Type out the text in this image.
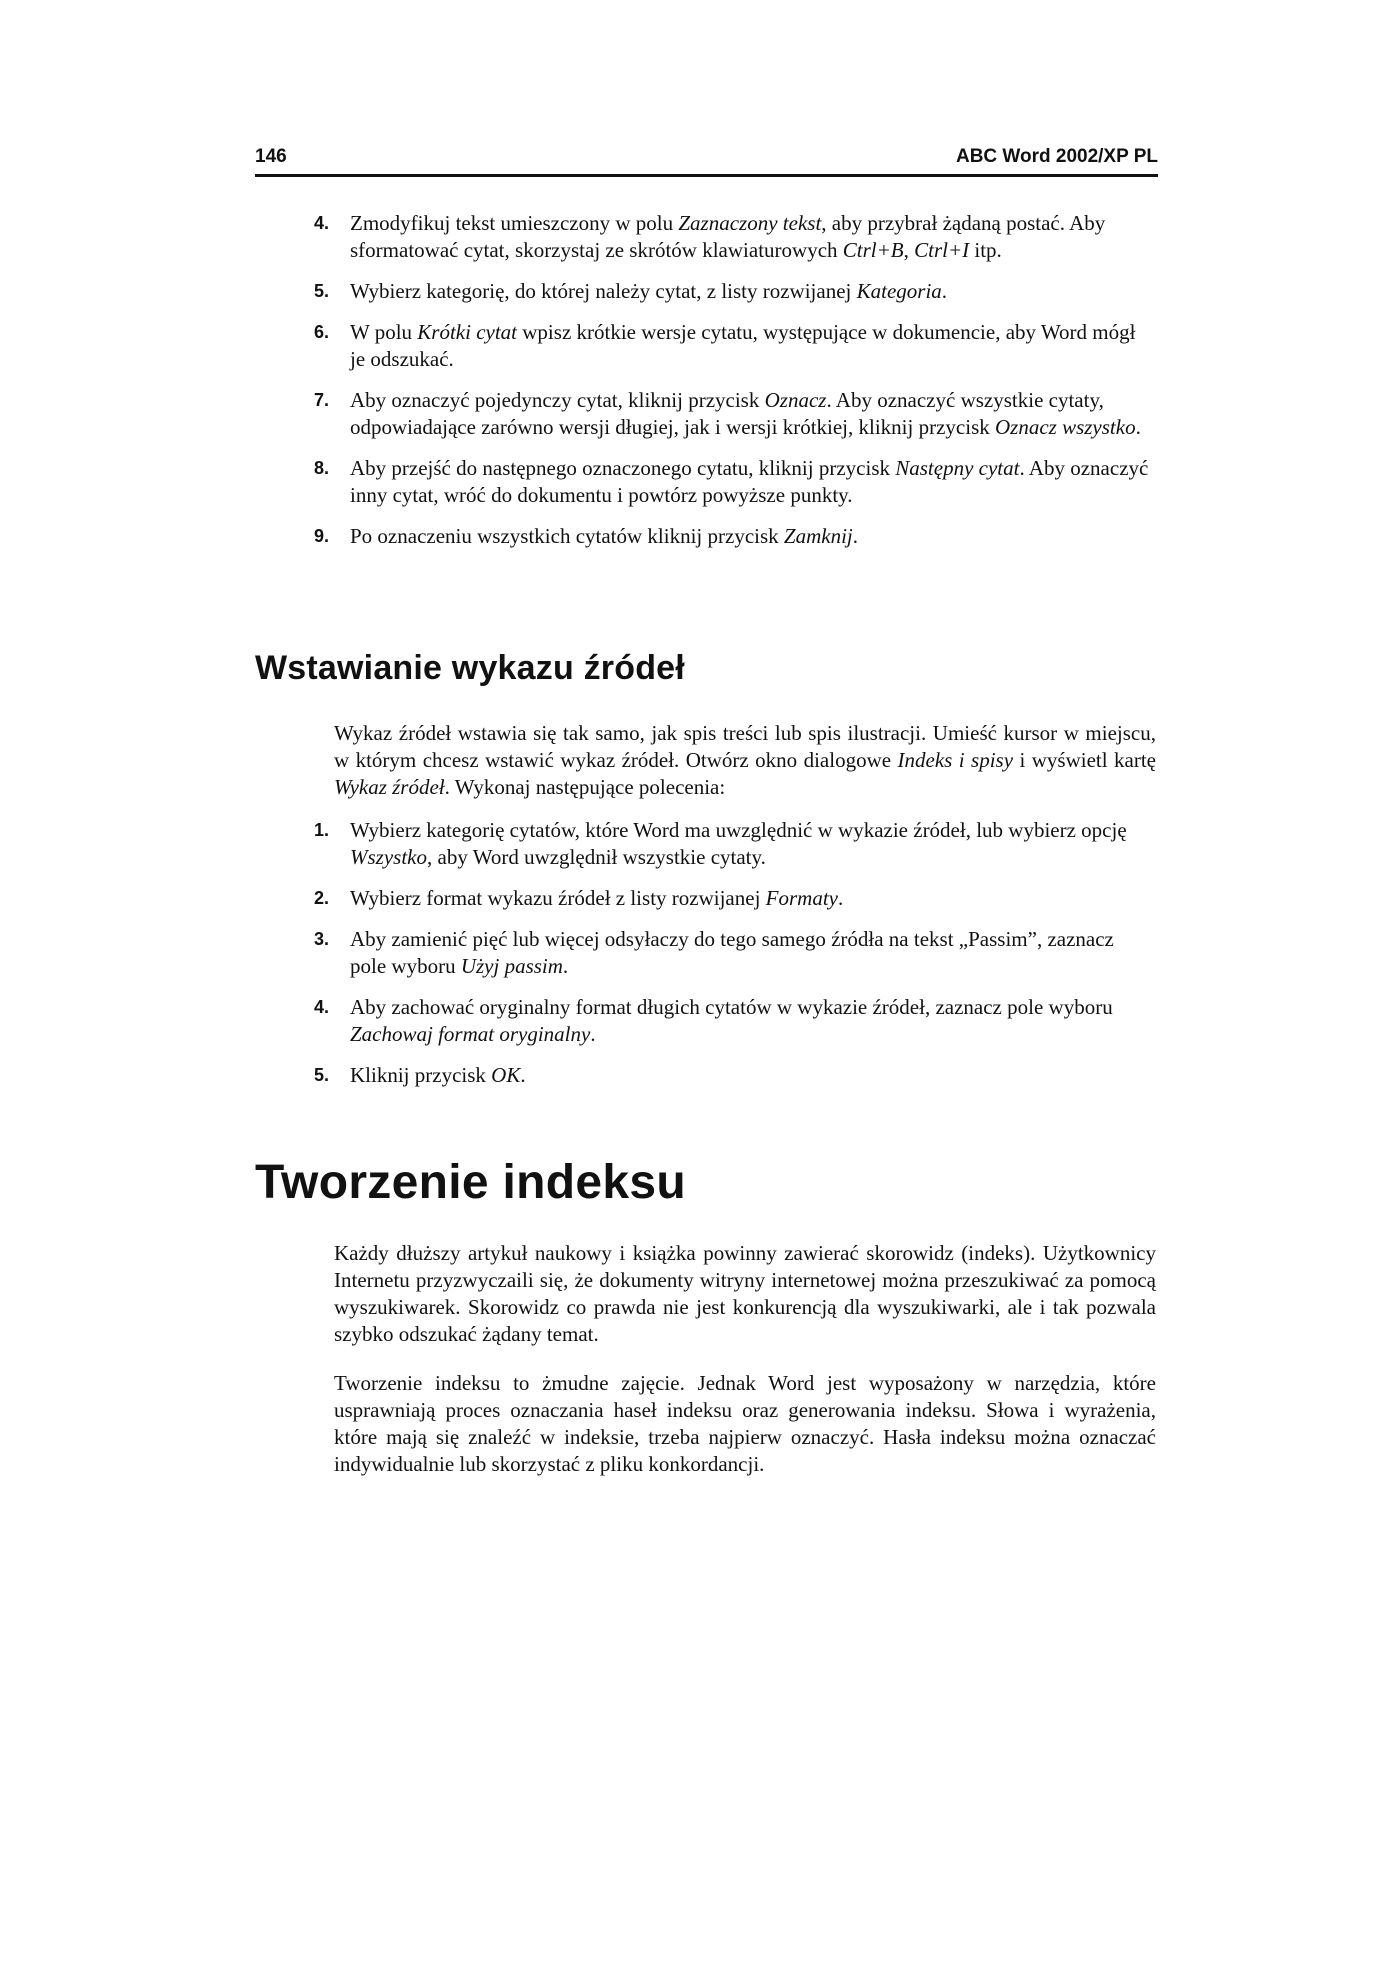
146	ABC Word 2002/XP PL
4. Zmodyfikuj tekst umieszczony w polu Zaznaczony tekst, aby przybrał żądaną postać. Aby sformatować cytat, skorzystaj ze skrótów klawiaturowych Ctrl+B, Ctrl+I itp.
5. Wybierz kategorię, do której należy cytat, z listy rozwijanej Kategoria.
6. W polu Krótki cytat wpisz krótkie wersje cytatu, występujące w dokumencie, aby Word mógł je odszukać.
7. Aby oznaczyć pojedynczy cytat, kliknij przycisk Oznacz. Aby oznaczyć wszystkie cytaty, odpowiadające zarówno wersji długiej, jak i wersji krótkiej, kliknij przycisk Oznacz wszystko.
8. Aby przejść do następnego oznaczonego cytatu, kliknij przycisk Następny cytat. Aby oznaczyć inny cytat, wróć do dokumentu i powtórz powyższe punkty.
9. Po oznaczeniu wszystkich cytatów kliknij przycisk Zamknij.
Wstawianie wykazu źródeł

Wykaz źródeł wstawia się tak samo, jak spis treści lub spis ilustracji. Umieść kursor w miejscu, w którym chcesz wstawić wykaz źródeł. Otwórz okno dialogowe Indeks i spisy i wyświetl kartę Wykaz źródeł. Wykonaj następujące polecenia:

1. Wybierz kategorię cytatów, które Word ma uwzględnić w wykazie źródeł, lub wybierz opcję Wszystko, aby Word uwzględnił wszystkie cytaty.
2. Wybierz format wykazu źródeł z listy rozwijanej Formaty.
3. Aby zamienić pięć lub więcej odsyłaczy do tego samego źródła na tekst „Passim”, zaznacz pole wyboru Użyj passim.
4. Aby zachować oryginalny format długich cytatów w wykazie źródeł, zaznacz pole wyboru Zachowaj format oryginalny.
5. Kliknij przycisk OK.
Tworzenie indeksu

Każdy dłuższy artykuł naukowy i książka powinny zawierać skorowidz (indeks). Użytkownicy Internetu przyzwyczaili się, że dokumenty witryny internetowej można przeszukiwać za pomocą wyszukiwarek. Skorowidz co prawda nie jest konkurencją dla wyszukiwarki, ale i tak pozwala szybko odszukać żądany temat.

Tworzenie indeksu to żmudne zajęcie. Jednak Word jest wyposażony w narzędzia, które usprawniają proces oznaczania haseł indeksu oraz generowania indeksu. Słowa i wyrażenia, które mają się znaleźć w indeksie, trzeba najpierw oznaczyć. Hasła indeksu można oznaczać indywidualnie lub skorzystać z pliku konkordancji.
